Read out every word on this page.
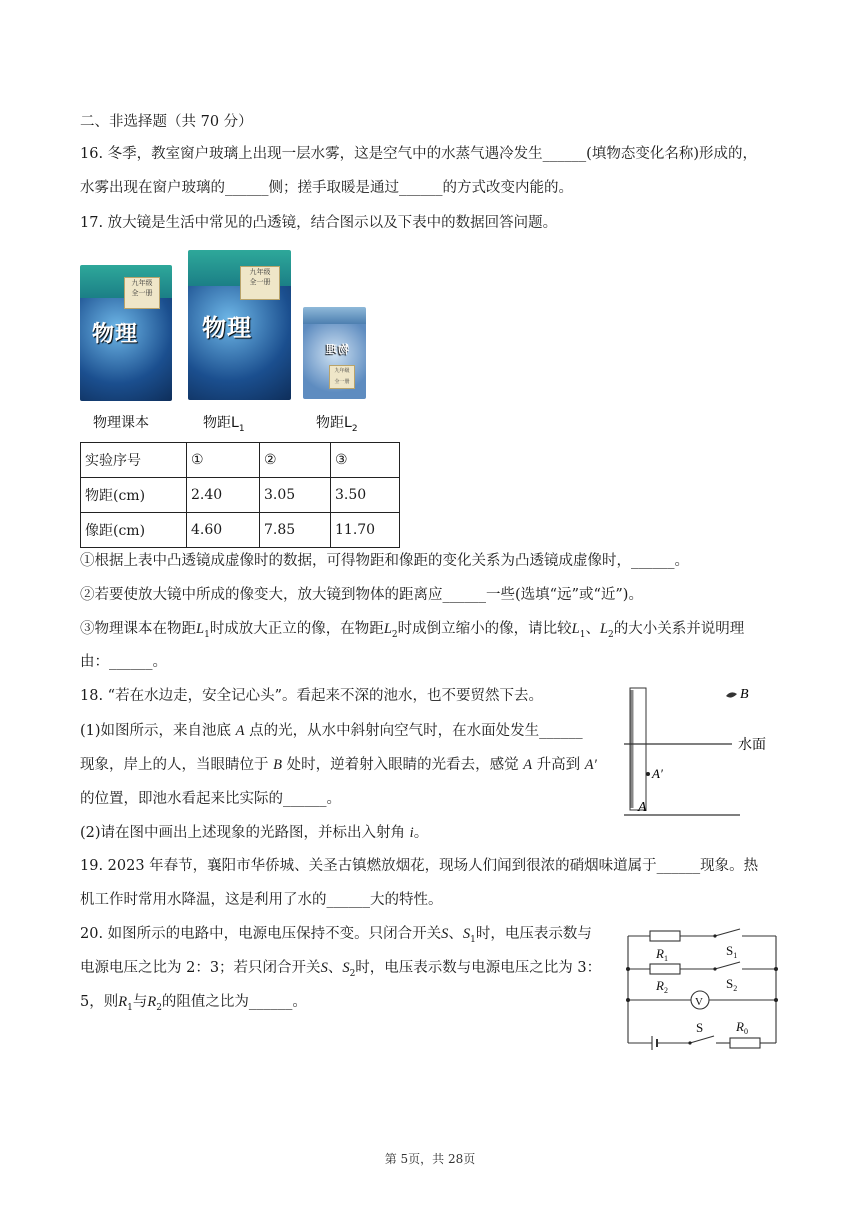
二、非选择题（共 70 分）
16. 冬季，教室窗户玻璃上出现一层水雾，这是空气中的水蒸气遇冷发生______(填物态变化名称)形成的，
水雾出现在窗户玻璃的______侧；搓手取暖是通过______的方式改变内能的。
17. 放大镜是生活中常见的凸透镜，结合图示以及下表中的数据回答问题。
九年级
全一册
物理
九年级
全一册
物理
物理
九年级
全一册
物理课本	物距$L_1$	物距$L_2$
实验序号	①	②	③
物距(cm)	2.40	3.05	3.50
像距(cm)	4.60	7.85	11.70
①根据上表中凸透镜成虚像时的数据，可得物距和像距的变化关系为凸透镜成虚像时，______。
②若要使放大镜中所成的像变大，放大镜到物体的距离应______一些(选填“远”或“近”)。
③物理课本在物距$L_1$时成放大正立的像，在物距$L_2$时成倒立缩小的像，请比较$L_1$、$L_2$的大小关系并说明理
由：______。
18. “若在水边走，安全记心头”。看起来不深的池水，也不要贸然下去。
(1)如图所示，来自池底 A 点的光，从水中斜射向空气时，在水面处发生______
现象，岸上的人，当眼睛位于 B 处时，逆着射入眼睛的光看去，感觉 A 升高到 A′
的位置，即池水看起来比实际的______。
(2)请在图中画出上述现象的光路图，并标出入射角 i。
A′
A
B
水面
19. 2023 年春节，襄阳市华侨城、关圣古镇燃放烟花，现场人们闻到很浓的硝烟味道属于______现象。热
机工作时常用水降温，这是利用了水的______大的特性。
20. 如图所示的电路中，电源电压保持不变。只闭合开关S、$S_1$时，电压表示数与
电源电压之比为 2：3；若只闭合开关S、$S_2$时，电压表示数与电源电压之比为 3：
5，则$R_1$与$R_2$的阻值之比为______。
$R_1$
$R_2$
$S_1$
$S_2$
V
S	$R_0$
第 5页，共 28页
